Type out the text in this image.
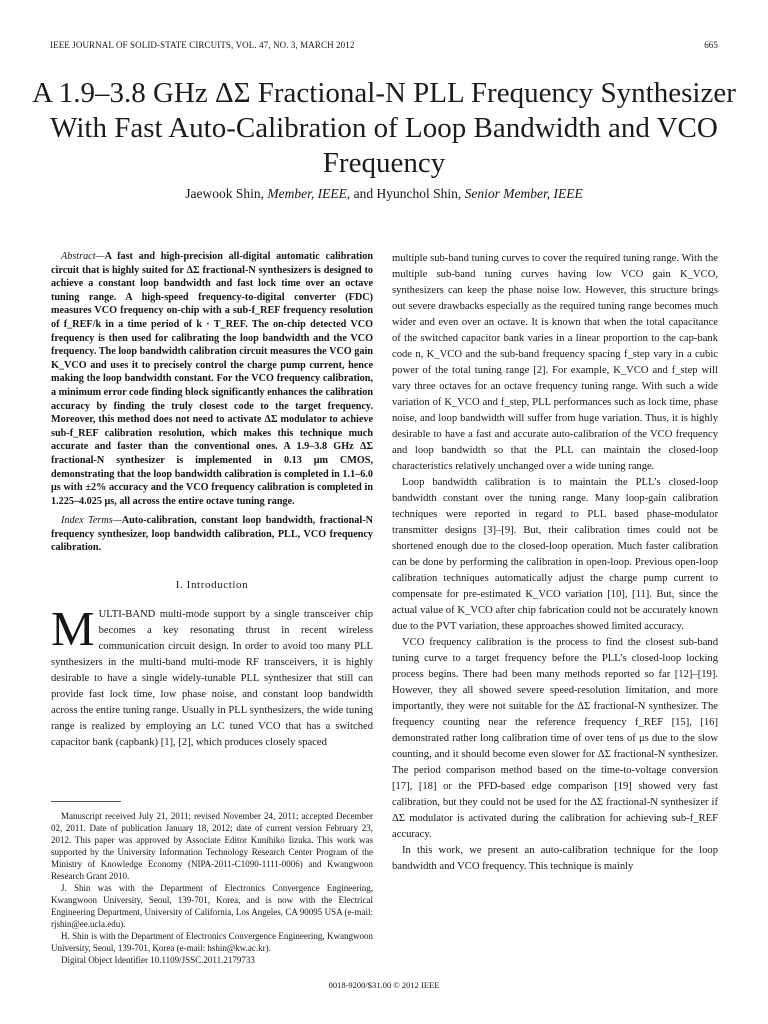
IEEE JOURNAL OF SOLID-STATE CIRCUITS, VOL. 47, NO. 3, MARCH 2012	665
A 1.9–3.8 GHz ΔΣ Fractional-N PLL Frequency Synthesizer With Fast Auto-Calibration of Loop Bandwidth and VCO Frequency
Jaewook Shin, Member, IEEE, and Hyunchol Shin, Senior Member, IEEE

Abstract—A fast and high-precision all-digital automatic calibration circuit that is highly suited for ΔΣ fractional-N synthesizers is designed to achieve a constant loop bandwidth and fast lock time over an octave tuning range. A high-speed frequency-to-digital converter (FDC) measures VCO frequency on-chip with a sub-f_REF frequency resolution of f_REF/k in a time period of k · T_REF. The on-chip detected VCO frequency is then used for calibrating the loop bandwidth and the VCO frequency. The loop bandwidth calibration circuit measures the VCO gain K_VCO and uses it to precisely control the charge pump current, hence making the loop bandwidth constant. For the VCO frequency calibration, a minimum error code finding block significantly enhances the calibration accuracy by finding the truly closest code to the target frequency. Moreover, this method does not need to activate ΔΣ modulator to achieve sub-f_REF calibration resolution, which makes this technique much accurate and faster than the conventional ones. A 1.9–3.8 GHz ΔΣ fractional-N synthesizer is implemented in 0.13 μm CMOS, demonstrating that the loop bandwidth calibration is completed in 1.1–6.0 μs with ±2% accuracy and the VCO frequency calibration is completed in 1.225–4.025 μs, all across the entire octave tuning range.

Index Terms—Auto-calibration, constant loop bandwidth, fractional-N frequency synthesizer, loop bandwidth calibration, PLL, VCO frequency calibration.

I. Introduction

MULTI-BAND multi-mode support by a single transceiver chip becomes a key resonating thrust in recent wireless communication circuit design. In order to avoid too many PLL synthesizers in the multi-band multi-mode RF transceivers, it is highly desirable to have a single widely-tunable PLL synthesizer that still can provide fast lock time, low phase noise, and constant loop bandwidth across the entire tuning range. Usually in PLL synthesizers, the wide tuning range is realized by employing an LC tuned VCO that has a switched capacitor bank (capbank) [1], [2], which produces closely spaced

Manuscript received July 21, 2011; revised November 24, 2011; accepted December 02, 2011. Date of publication January 18, 2012; date of current version February 23, 2012. This paper was approved by Associate Editor Kunihiko Iizuka. This work was supported by the University Information Technology Research Center Program of the Ministry of Knowledge Economy (NIPA-2011-C1090-1111-0006) and Kwangwoon Research Grant 2010.

J. Shin was with the Department of Electronics Convergence Engineering, Kwangwoon University, Seoul, 139-701, Korea, and is now with the Electrical Engineering Department, University of California, Los Angeles, CA 90095 USA (e-mail: rjshin@ee.ucla.edu).

H. Shin is with the Department of Electronics Convergence Engineering, Kwangwoon University, Seoul, 139-701, Korea (e-mail: hshin@kw.ac.kr).

Digital Object Identifier 10.1109/JSSC.2011.2179733

multiple sub-band tuning curves to cover the required tuning range. With the multiple sub-band tuning curves having low VCO gain K_VCO, synthesizers can keep the phase noise low. However, this structure brings out severe drawbacks especially as the required tuning range becomes much wider and even over an octave. It is known that when the total capacitance of the switched capacitor bank varies in a linear proportion to the cap-bank code n, K_VCO and the sub-band frequency spacing f_step vary in a cubic power of the total tuning range [2]. For example, K_VCO and f_step will vary three octaves for an octave frequency tuning range. With such a wide variation of K_VCO and f_step, PLL performances such as lock time, phase noise, and loop bandwidth will suffer from huge variation. Thus, it is highly desirable to have a fast and accurate auto-calibration of the VCO frequency and loop bandwidth so that the PLL can maintain the closed-loop characteristics relatively unchanged over a wide tuning range.

Loop bandwidth calibration is to maintain the PLL’s closed-loop bandwidth constant over the tuning range. Many loop-gain calibration techniques were reported in regard to PLL based phase-modulator transmitter designs [3]–[9]. But, their calibration times could not be shortened enough due to the closed-loop operation. Much faster calibration can be done by performing the calibration in open-loop. Previous open-loop calibration techniques automatically adjust the charge pump current to compensate for pre-estimated K_VCO variation [10], [11]. But, since the actual value of K_VCO after chip fabrication could not be accurately known due to the PVT variation, these approaches showed limited accuracy.

VCO frequency calibration is the process to find the closest sub-band tuning curve to a target frequency before the PLL’s closed-loop locking process begins. There had been many methods reported so far [12]–[19]. However, they all showed severe speed-resolution limitation, and more importantly, they were not suitable for the ΔΣ fractional-N synthesizer. The frequency counting near the reference frequency f_REF [15], [16] demonstrated rather long calibration time of over tens of μs due to the slow counting, and it should become even slower for ΔΣ fractional-N synthesizer. The period comparison method based on the time-to-voltage conversion [17], [18] or the PFD-based edge comparison [19] showed very fast calibration, but they could not be used for the ΔΣ fractional-N synthesizer if ΔΣ modulator is activated during the calibration for achieving sub-f_REF accuracy.

In this work, we present an auto-calibration technique for the loop bandwidth and VCO frequency. This technique is mainly

0018-9200/$31.00 © 2012 IEEE
